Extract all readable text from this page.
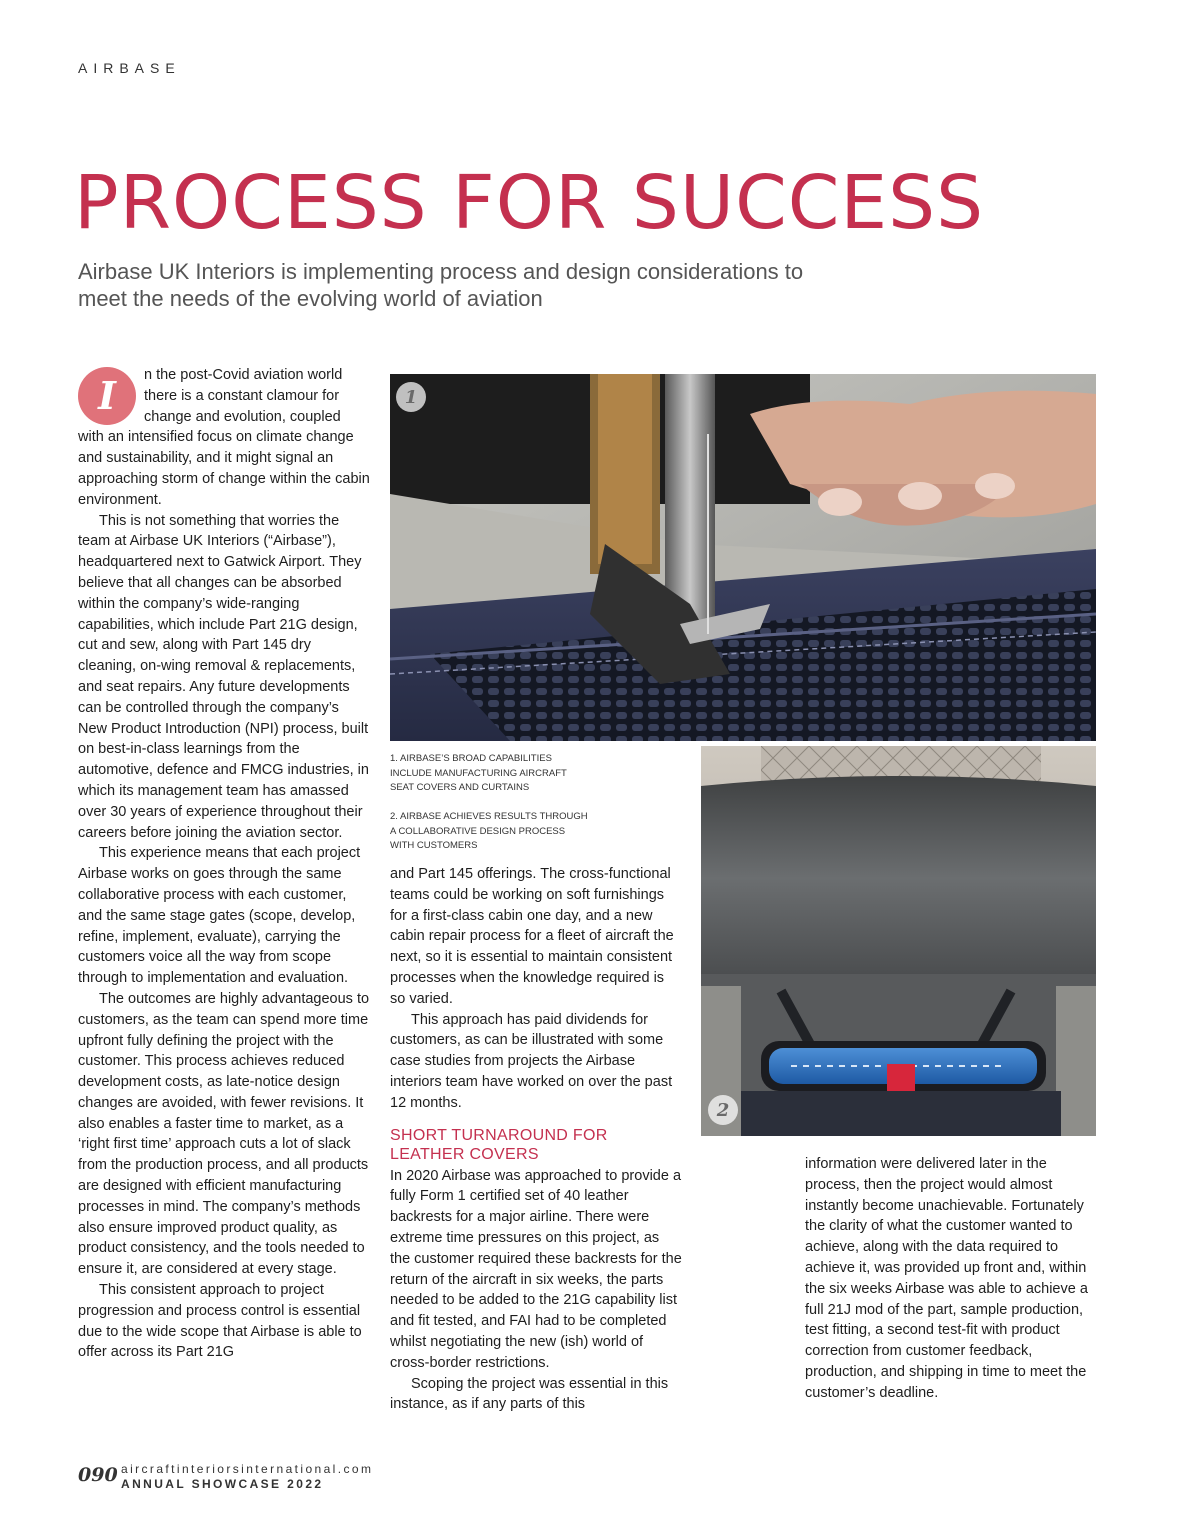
AIRBASE
PROCESS FOR SUCCESS

Airbase UK Interiors is implementing process and design considerations to meet the needs of the evolving world of aviation

I	n the post-Covid aviation world there is a constant clamour for change and evolution, coupled with an intensified focus on climate change and sustainability, and it might signal an approaching storm of change within the cabin environment.

This is not something that worries the team at Airbase UK Interiors (“Airbase”), headquartered next to Gatwick Airport. They believe that all changes can be absorbed within the company’s wide-ranging capabilities, which include Part 21G design, cut and sew, along with Part 145 dry cleaning, on-wing removal & replacements, and seat repairs. Any future developments can be controlled through the company’s New Product Introduction (NPI) process, built on best-in-class learnings from the automotive, defence and FMCG industries, in which its management team has amassed over 30 years of experience throughout their careers before joining the aviation sector.

This experience means that each project Airbase works on goes through the same collaborative process with each customer, and the same stage gates (scope, develop, refine, implement, evaluate), carrying the customers voice all the way from scope through to implementation and evaluation.

The outcomes are highly advantageous to customers, as the team can spend more time upfront fully defining the project with the customer. This process achieves reduced development costs, as late-notice design changes are avoided, with fewer revisions. It also enables a faster time to market, as a ‘right first time’ approach cuts a lot of slack from the production process, and all products are designed with efficient manufacturing processes in mind. The company’s methods also ensure improved product quality, as product consistency, and the tools needed to ensure it, are considered at every stage.

This consistent approach to project progression and process control is essential due to the wide scope that Airbase is able to offer across its Part 21G

1
1. AIRBASE’S BROAD CAPABILITIES INCLUDE MANUFACTURING AIRCRAFT SEAT COVERS AND CURTAINS
2. AIRBASE ACHIEVES RESULTS THROUGH A COLLABORATIVE DESIGN PROCESS WITH CUSTOMERS
2

and Part 145 offerings. The cross-functional teams could be working on soft furnishings for a first-class cabin one day, and a new cabin repair process for a fleet of aircraft the next, so it is essential to maintain consistent processes when the knowledge required is so varied.

This approach has paid dividends for customers, as can be illustrated with some case studies from projects the Airbase interiors team have worked on over the past 12 months.

SHORT TURNAROUND FOR LEATHER COVERS

In 2020 Airbase was approached to provide a fully Form 1 certified set of 40 leather backrests for a major airline. There were extreme time pressures on this project, as the customer required these backrests for the return of the aircraft in six weeks, the parts needed to be added to the 21G capability list and fit tested, and FAI had to be completed whilst negotiating the new (ish) world of cross-border restrictions.

Scoping the project was essential in this instance, as if any parts of this

information were delivered later in the process, then the project would almost instantly become unachievable. Fortunately the clarity of what the customer wanted to achieve, along with the data required to achieve it, was provided up front and, within the six weeks Airbase was able to achieve a full 21J mod of the part, sample production, test fitting, a second test-fit with product correction from customer feedback, production, and shipping in time to meet the customer’s deadline.

090 aircraftinteriorsinternational.com
ANNUAL SHOWCASE 2022
